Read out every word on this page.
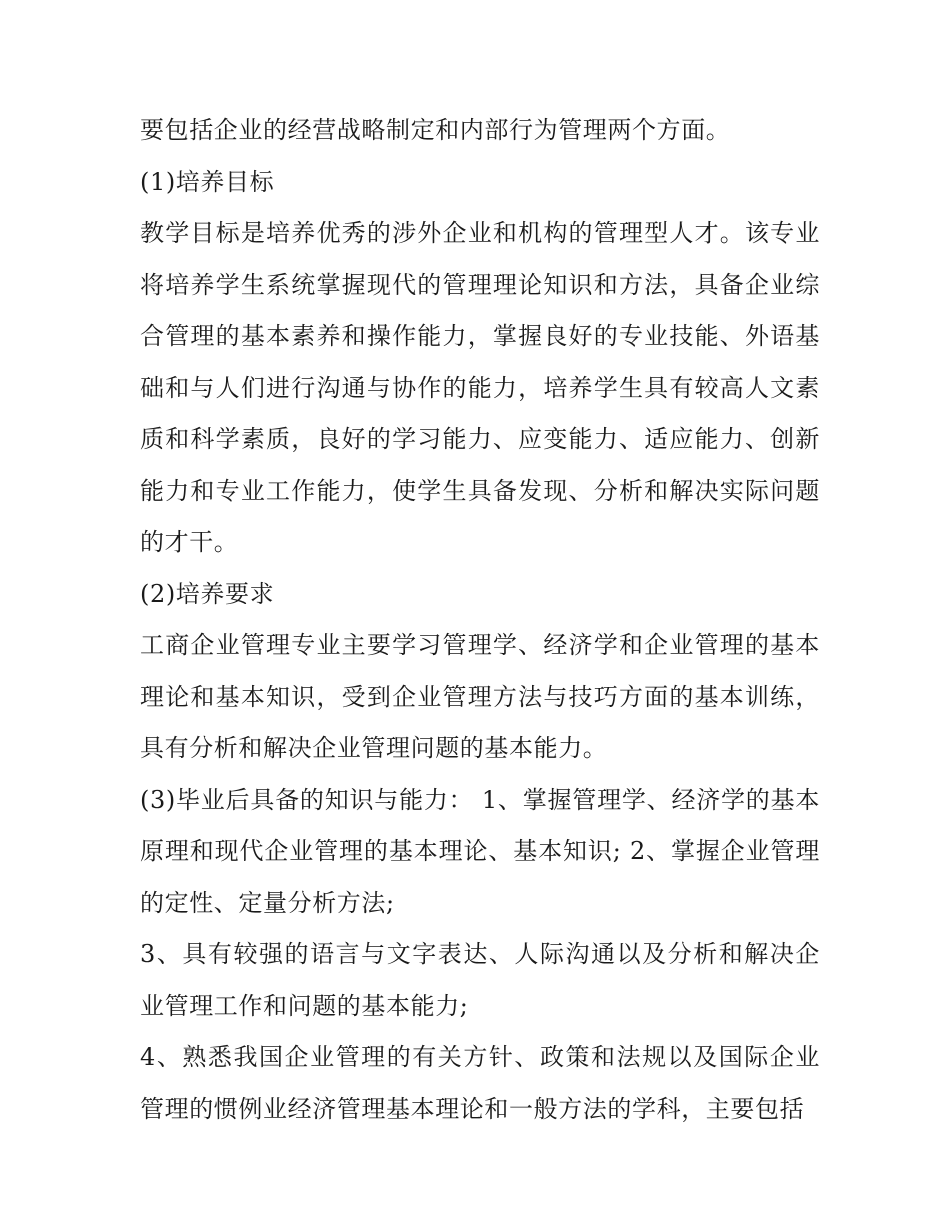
要包括企业的经营战略制定和内部行为管理两个方面。

(1)培养目标

教学目标是培养优秀的涉外企业和机构的管理型人才。该专业将培养学生系统掌握现代的管理理论知识和方法，具备企业综合管理的基本素养和操作能力，掌握良好的专业技能、外语基础和与人们进行沟通与协作的能力，培养学生具有较高人文素质和科学素质，良好的学习能力、应变能力、适应能力、创新能力和专业工作能力，使学生具备发现、分析和解决实际问题的才干。

(2)培养要求

工商企业管理专业主要学习管理学、经济学和企业管理的基本理论和基本知识，受到企业管理方法与技巧方面的基本训练，具有分析和解决企业管理问题的基本能力。

(3)毕业后具备的知识与能力： 1、掌握管理学、经济学的基本原理和现代企业管理的基本理论、基本知识; 2、掌握企业管理的定性、定量分析方法;

3、具有较强的语言与文字表达、人际沟通以及分析和解决企业管理工作和问题的基本能力;

4、熟悉我国企业管理的有关方针、政策和法规以及国际企业管理的惯例业经济管理基本理论和一般方法的学科，主要包括
